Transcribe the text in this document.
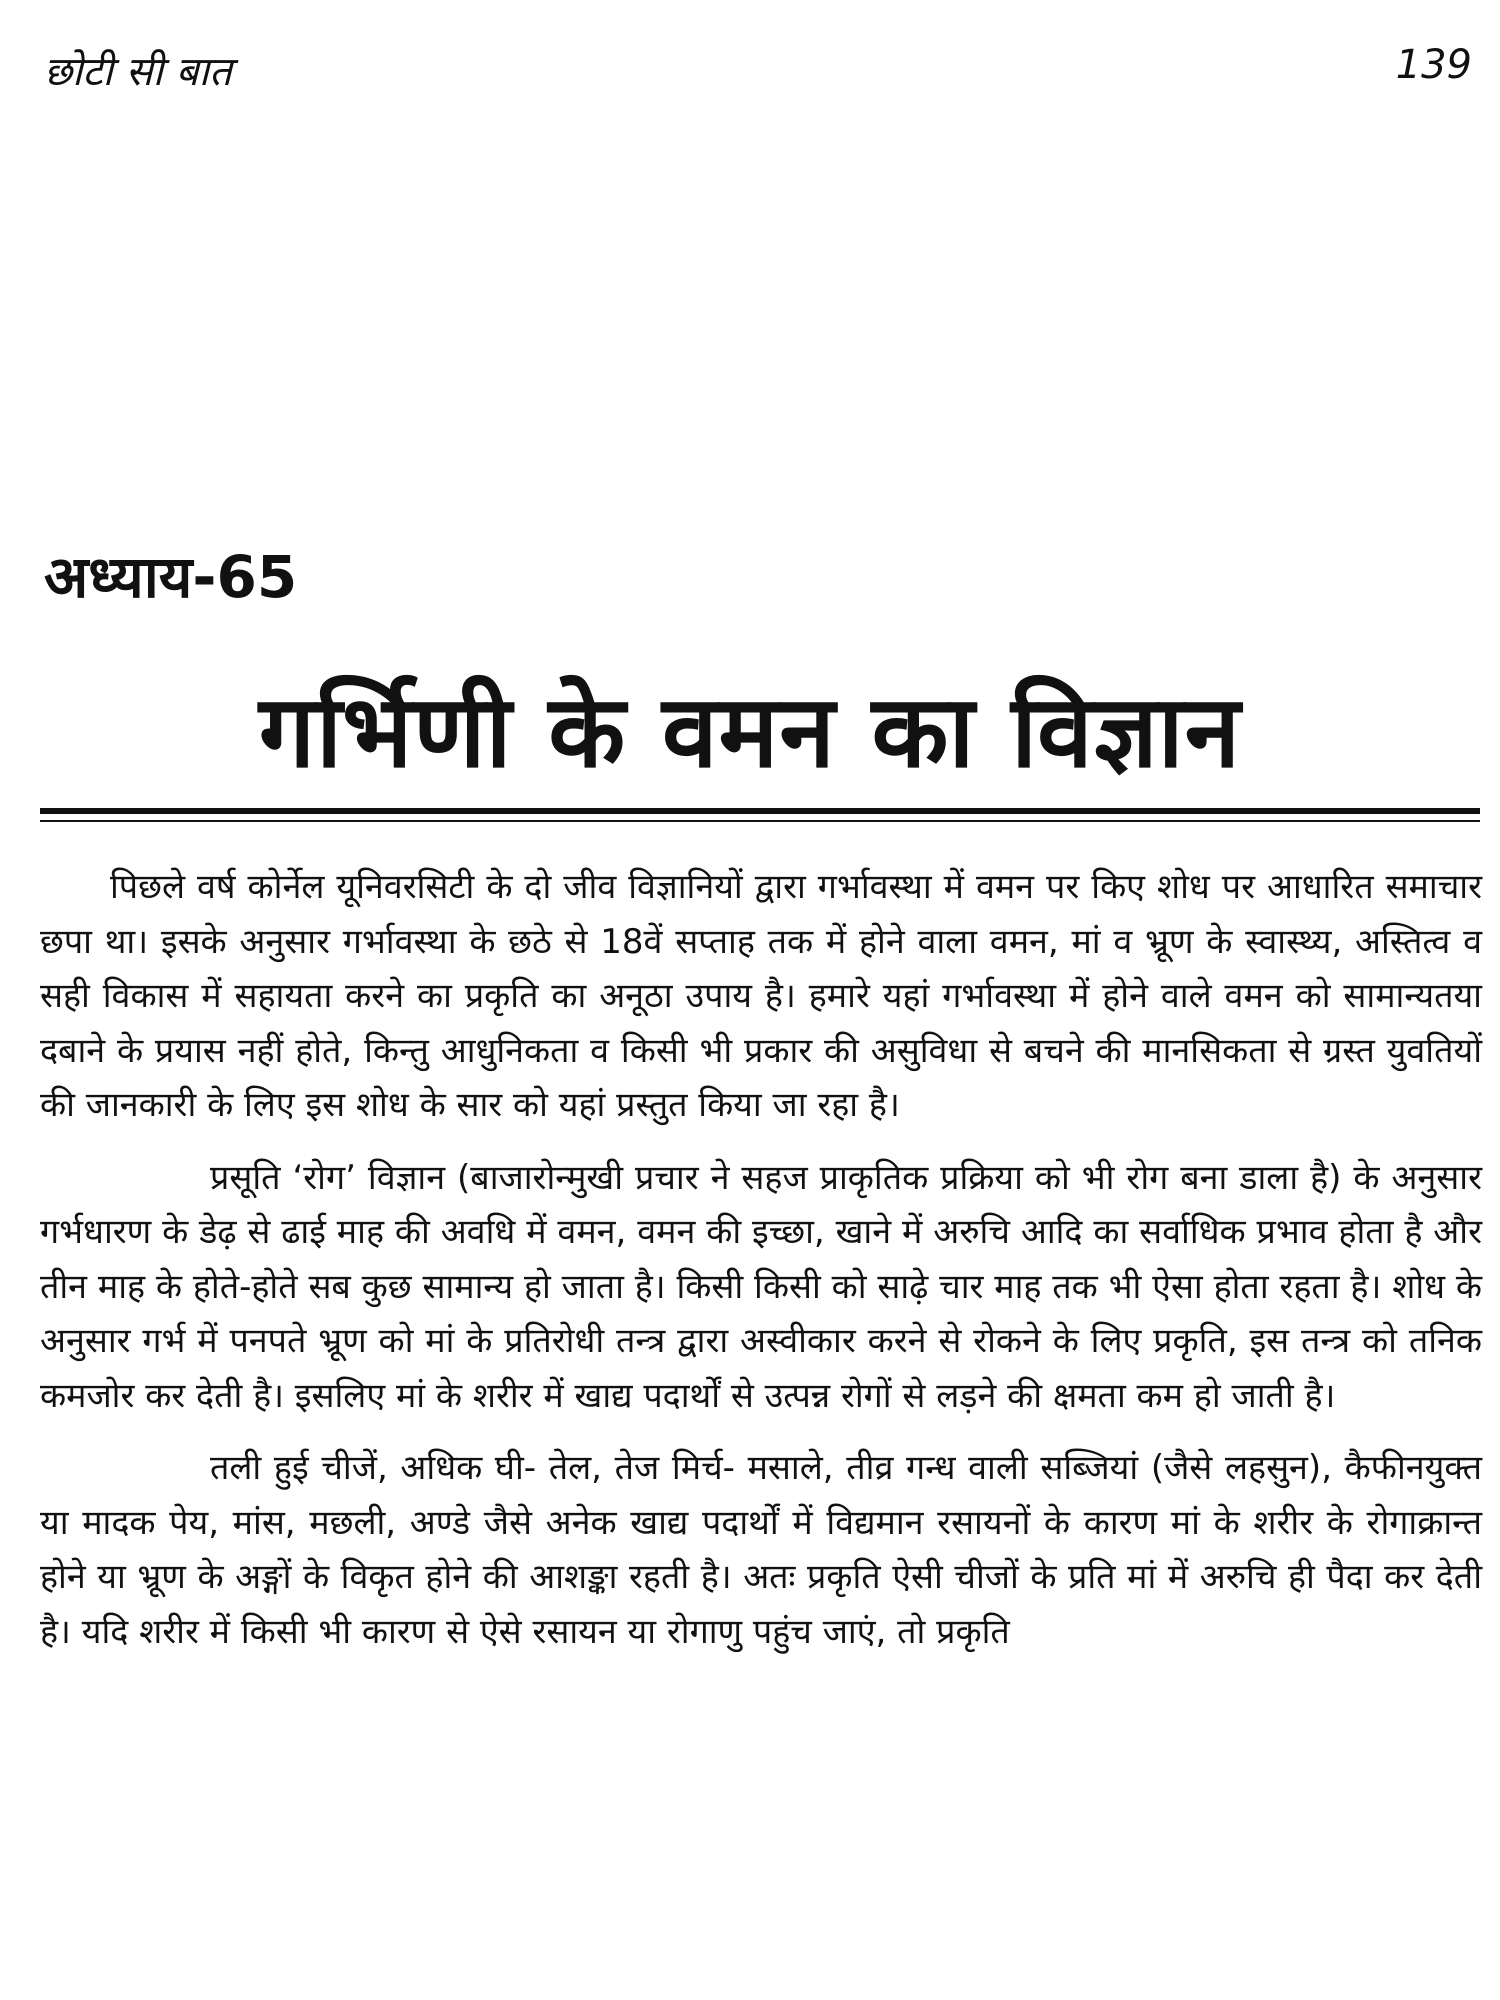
छोटी सी बात	139
अध्याय-65
गर्भिणी के वमन का विज्ञान

पिछले वर्ष कोर्नेल यूनिवरसिटी के दो जीव विज्ञानियों द्वारा गर्भावस्था में वमन पर किए शोध पर आधारित समाचार छपा था। इसके अनुसार गर्भावस्था के छठे से 18वें सप्ताह तक में होने वाला वमन, मां व भ्रूण के स्वास्थ्य, अस्तित्व व सही विकास में सहायता करने का प्रकृति का अनूठा उपाय है। हमारे यहां गर्भावस्था में होने वाले वमन को सामान्यतया दबाने के प्रयास नहीं होते, किन्तु आधुनिकता व किसी भी प्रकार की असुविधा से बचने की मानसिकता से ग्रस्त युवतियों की जानकारी के लिए इस शोध के सार को यहां प्रस्तुत किया जा रहा है।

प्रसूति ‘रोग’ विज्ञान (बाजारोन्मुखी प्रचार ने सहज प्राकृतिक प्रक्रिया को भी रोग बना डाला है) के अनुसार गर्भधारण के डेढ़ से ढाई माह की अवधि में वमन, वमन की इच्छा, खाने में अरुचि आदि का सर्वाधिक प्रभाव होता है और तीन माह के होते-होते सब कुछ सामान्य हो जाता है। किसी किसी को साढ़े चार माह तक भी ऐसा होता रहता है। शोध के अनुसार गर्भ में पनपते भ्रूण को मां के प्रतिरोधी तन्त्र द्वारा अस्वीकार करने से रोकने के लिए प्रकृति, इस तन्त्र को तनिक कमजोर कर देती है। इसलिए मां के शरीर में खाद्य पदार्थों से उत्पन्न रोगों से लड़ने की क्षमता कम हो जाती है।

तली हुई चीजें, अधिक घी- तेल, तेज मिर्च- मसाले, तीव्र गन्ध वाली सब्जियां (जैसे लहसुन), कैफीनयुक्त या मादक पेय, मांस, मछली, अण्डे जैसे अनेक खाद्य पदार्थों में विद्यमान रसायनों के कारण मां के शरीर के रोगाक्रान्त होने या भ्रूण के अङ्गों के विकृत होने की आशङ्का रहती है। अतः प्रकृति ऐसी चीजों के प्रति मां में अरुचि ही पैदा कर देती है। यदि शरीर में किसी भी कारण से ऐसे रसायन या रोगाणु पहुंच जाएं, तो प्रकृति
